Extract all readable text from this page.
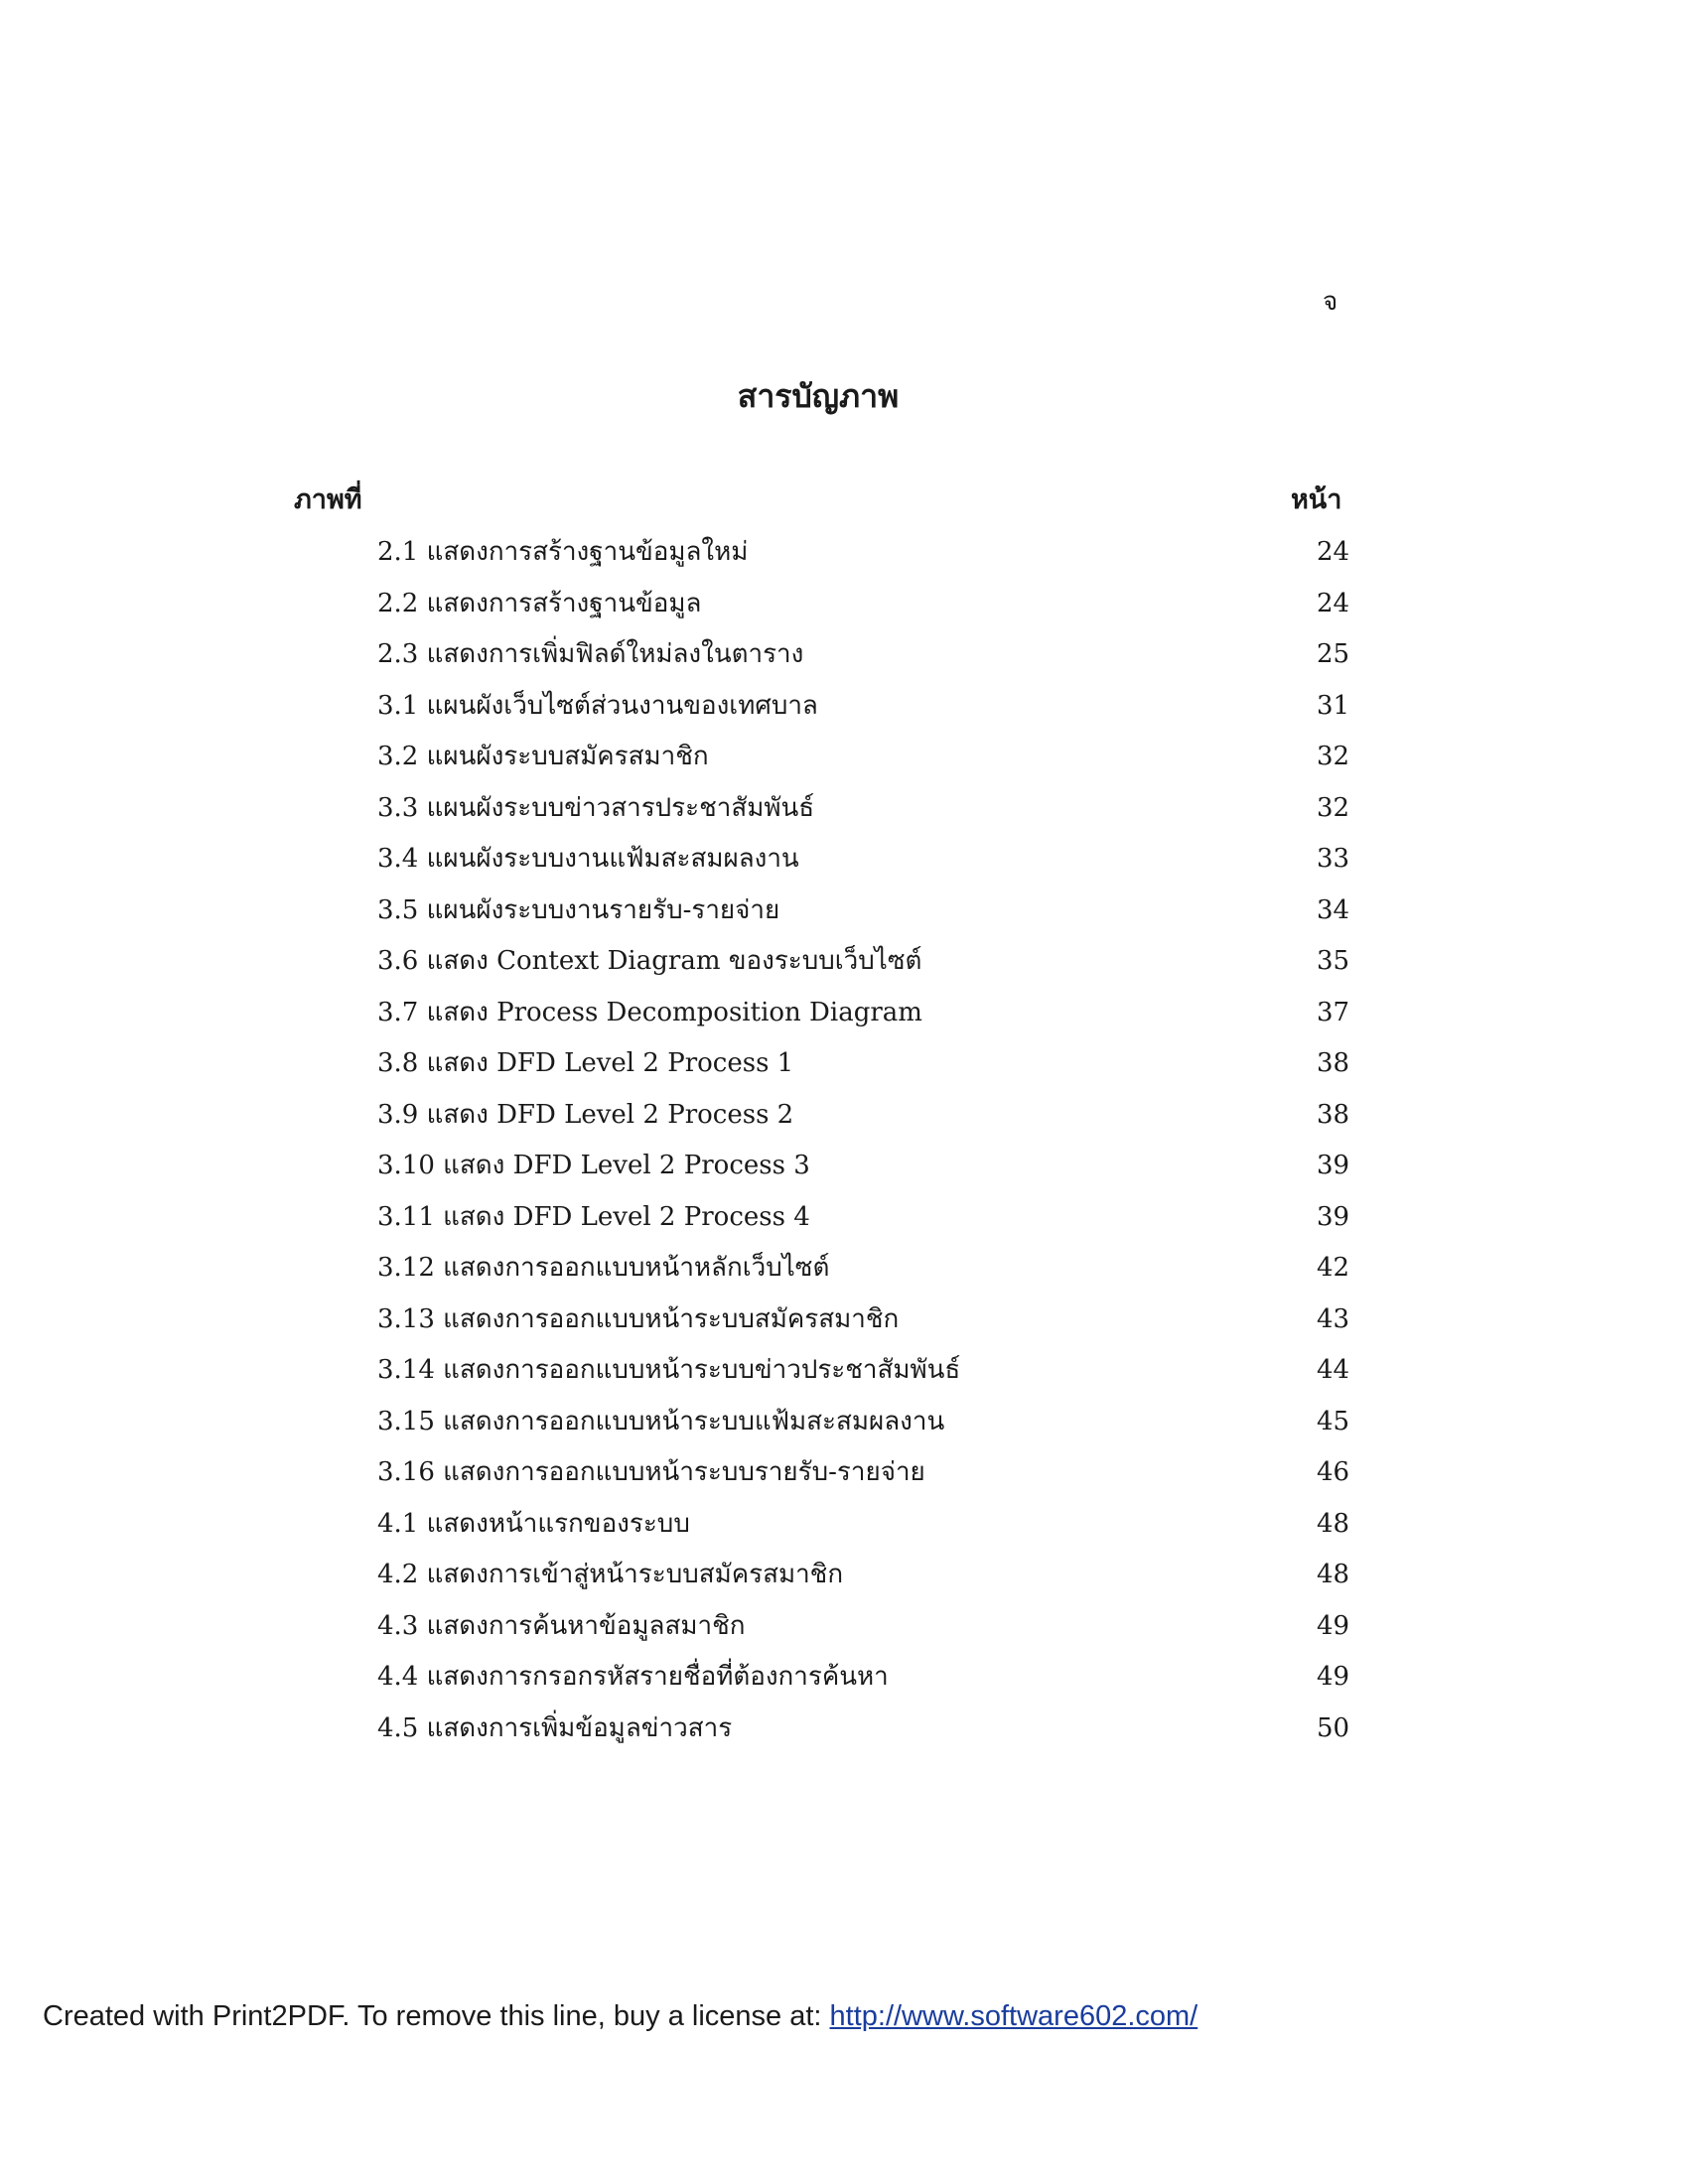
จ
สารบัญภาพ
ภาพที่	หน้า
2.1 แสดงการสร้างฐานข้อมูลใหม่	24
2.2 แสดงการสร้างฐานข้อมูล	24
2.3 แสดงการเพิ่มฟิลด์ใหม่ลงในตาราง	25
3.1 แผนผังเว็บไซต์ส่วนงานของเทศบาล	31
3.2 แผนผังระบบสมัครสมาชิก	32
3.3 แผนผังระบบข่าวสารประชาสัมพันธ์	32
3.4 แผนผังระบบงานแฟ้มสะสมผลงาน	33
3.5 แผนผังระบบงานรายรับ-รายจ่าย	34
3.6 แสดง Context Diagram ของระบบเว็บไซต์	35
3.7 แสดง Process Decomposition Diagram	37
3.8 แสดง DFD Level 2 Process 1	38
3.9 แสดง DFD Level 2 Process 2	38
3.10 แสดง DFD Level 2 Process 3	39
3.11 แสดง DFD Level 2 Process 4	39
3.12 แสดงการออกแบบหน้าหลักเว็บไซต์	42
3.13 แสดงการออกแบบหน้าระบบสมัครสมาชิก	43
3.14 แสดงการออกแบบหน้าระบบข่าวประชาสัมพันธ์	44
3.15 แสดงการออกแบบหน้าระบบแฟ้มสะสมผลงาน	45
3.16 แสดงการออกแบบหน้าระบบรายรับ-รายจ่าย	46
4.1 แสดงหน้าแรกของระบบ	48
4.2 แสดงการเข้าสู่หน้าระบบสมัครสมาชิก	48
4.3 แสดงการค้นหาข้อมูลสมาชิก	49
4.4 แสดงการกรอกรหัสรายชื่อที่ต้องการค้นหา	49
4.5 แสดงการเพิ่มข้อมูลข่าวสาร	50
Created with Print2PDF. To remove this line, buy a license at: http://www.software602.com/
